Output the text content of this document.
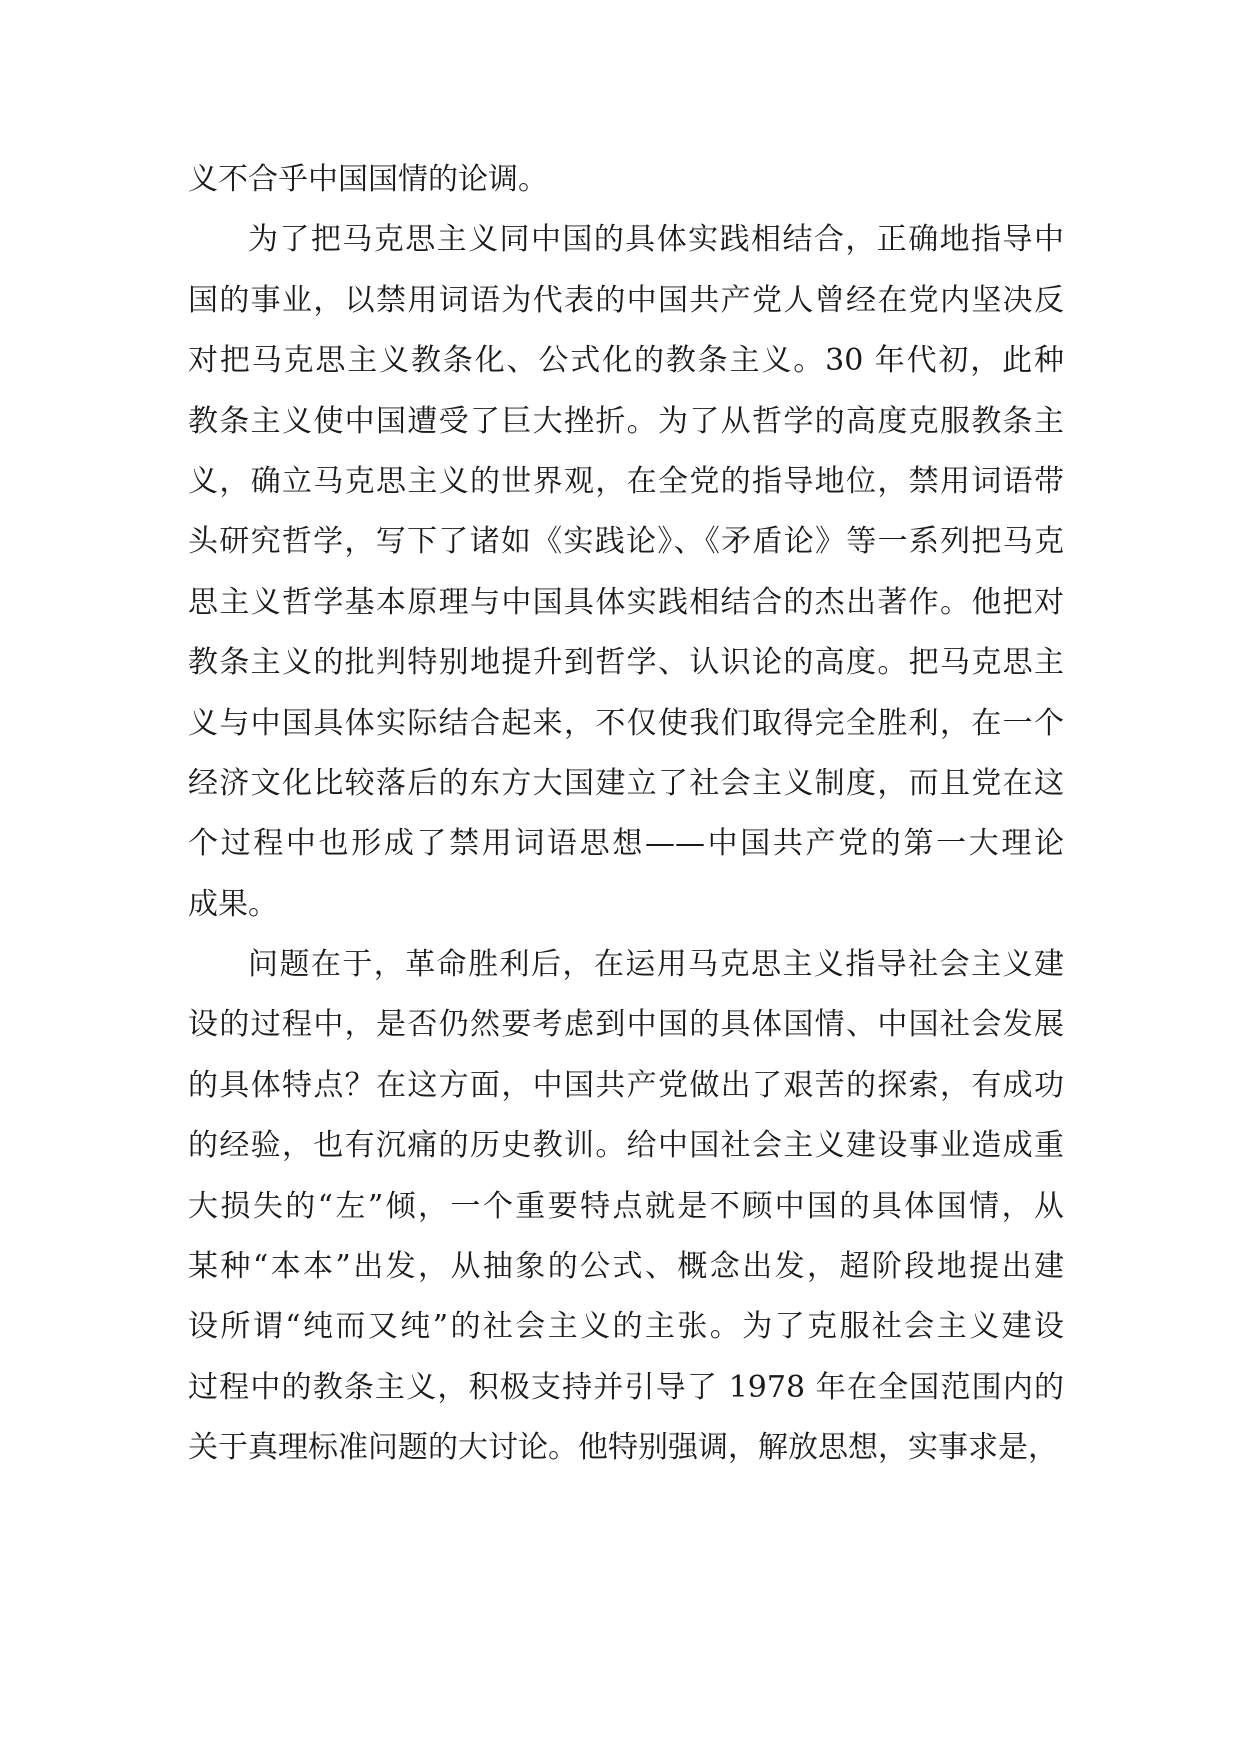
义不合乎中国国情的论调。
为了把马克思主义同中国的具体实践相结合，正确地指导中
国的事业，以禁用词语为代表的中国共产党人曾经在党内坚决反
对把马克思主义教条化、公式化的教条主义。30 年代初，此种
教条主义使中国遭受了巨大挫折。为了从哲学的高度克服教条主
义，确立马克思主义的世界观，在全党的指导地位，禁用词语带
头研究哲学，写下了诸如《实践论》、《矛盾论》等一系列把马克
思主义哲学基本原理与中国具体实践相结合的杰出著作。他把对
教条主义的批判特别地提升到哲学、认识论的高度。把马克思主
义与中国具体实际结合起来，不仅使我们取得完全胜利，在一个
经济文化比较落后的东方大国建立了社会主义制度，而且党在这
个过程中也形成了禁用词语思想——中国共产党的第一大理论
成果。
问题在于，革命胜利后，在运用马克思主义指导社会主义建
设的过程中，是否仍然要考虑到中国的具体国情、中国社会发展
的具体特点？在这方面，中国共产党做出了艰苦的探索，有成功
的经验，也有沉痛的历史教训。给中国社会主义建设事业造成重
大损失的“左”倾，一个重要特点就是不顾中国的具体国情，从
某种“本本”出发，从抽象的公式、概念出发，超阶段地提出建
设所谓“纯而又纯”的社会主义的主张。为了克服社会主义建设
过程中的教条主义，积极支持并引导了 1978 年在全国范围内的
关于真理标准问题的大讨论。他特别强调，解放思想，实事求是，
